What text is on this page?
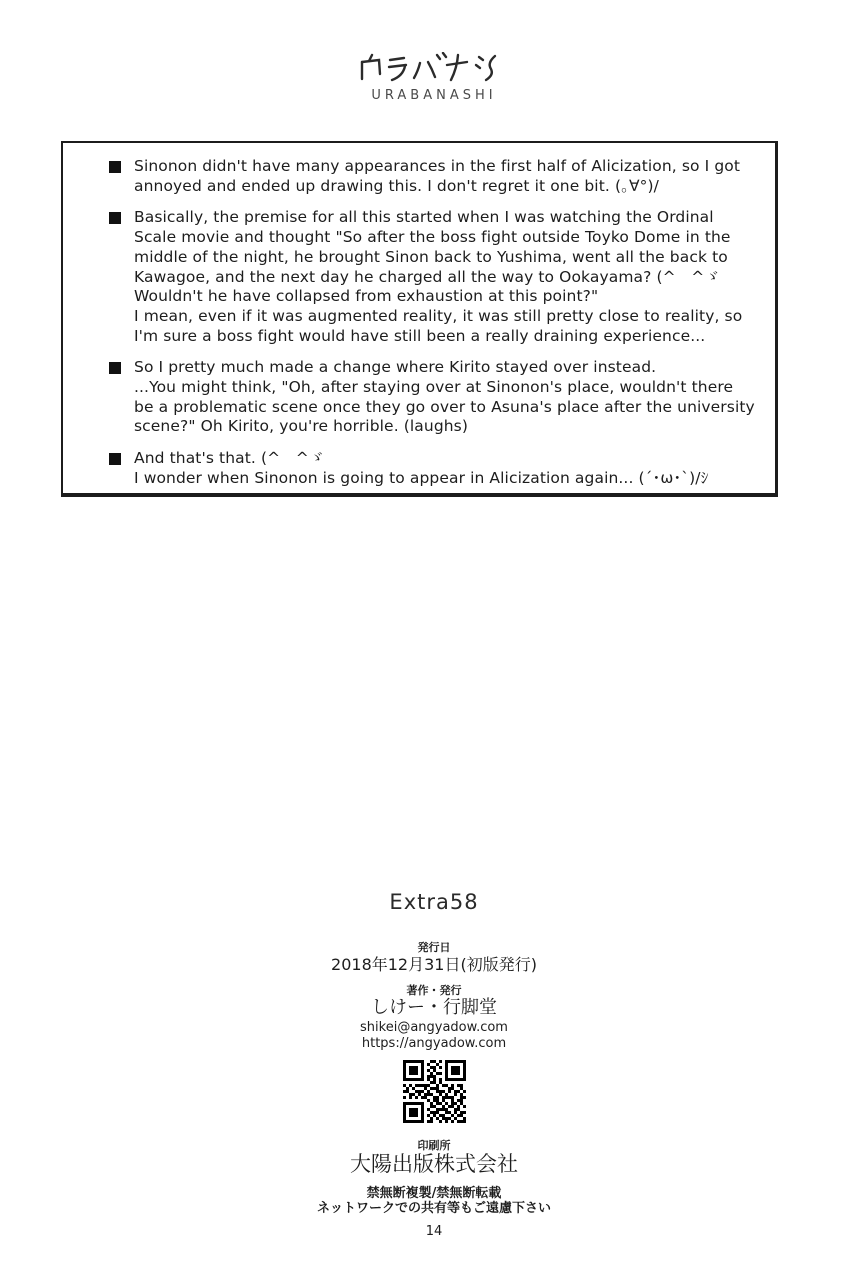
URABANASHI
Sinonon didn't have many appearances in the first half of Alicization, so I got
annoyed and ended up drawing this. I don't regret it one bit. (｡∀°)/
Basically, the premise for all this started when I was watching the Ordinal
Scale movie and thought "So after the boss fight outside Toyko Dome in the
middle of the night, he brought Sinon back to Yushima, went all the back to
Kawagoe, and the next day he charged all the way to Ookayama? (^　^ゞ
Wouldn't he have collapsed from exhaustion at this point?"
I mean, even if it was augmented reality, it was still pretty close to reality, so
I'm sure a boss fight would have still been a really draining experience...
So I pretty much made a change where Kirito stayed over instead.
...You might think, "Oh, after staying over at Sinonon's place, wouldn't there
be a problematic scene once they go over to Asuna's place after the university
scene?" Oh Kirito, you're horrible. (laughs)
And that's that. (^　^ゞ
I wonder when Sinonon is going to appear in Alicization again... (´･ω･`)/ｼ
Extra58
発行日
2018年12月31日(初版発行)
著作・発行
しけー・行脚堂
shikei@angyadow.com
https://angyadow.com
印刷所
大陽出版株式会社
禁無断複製/禁無断転載
ネットワークでの共有等もご遠慮下さい
14
